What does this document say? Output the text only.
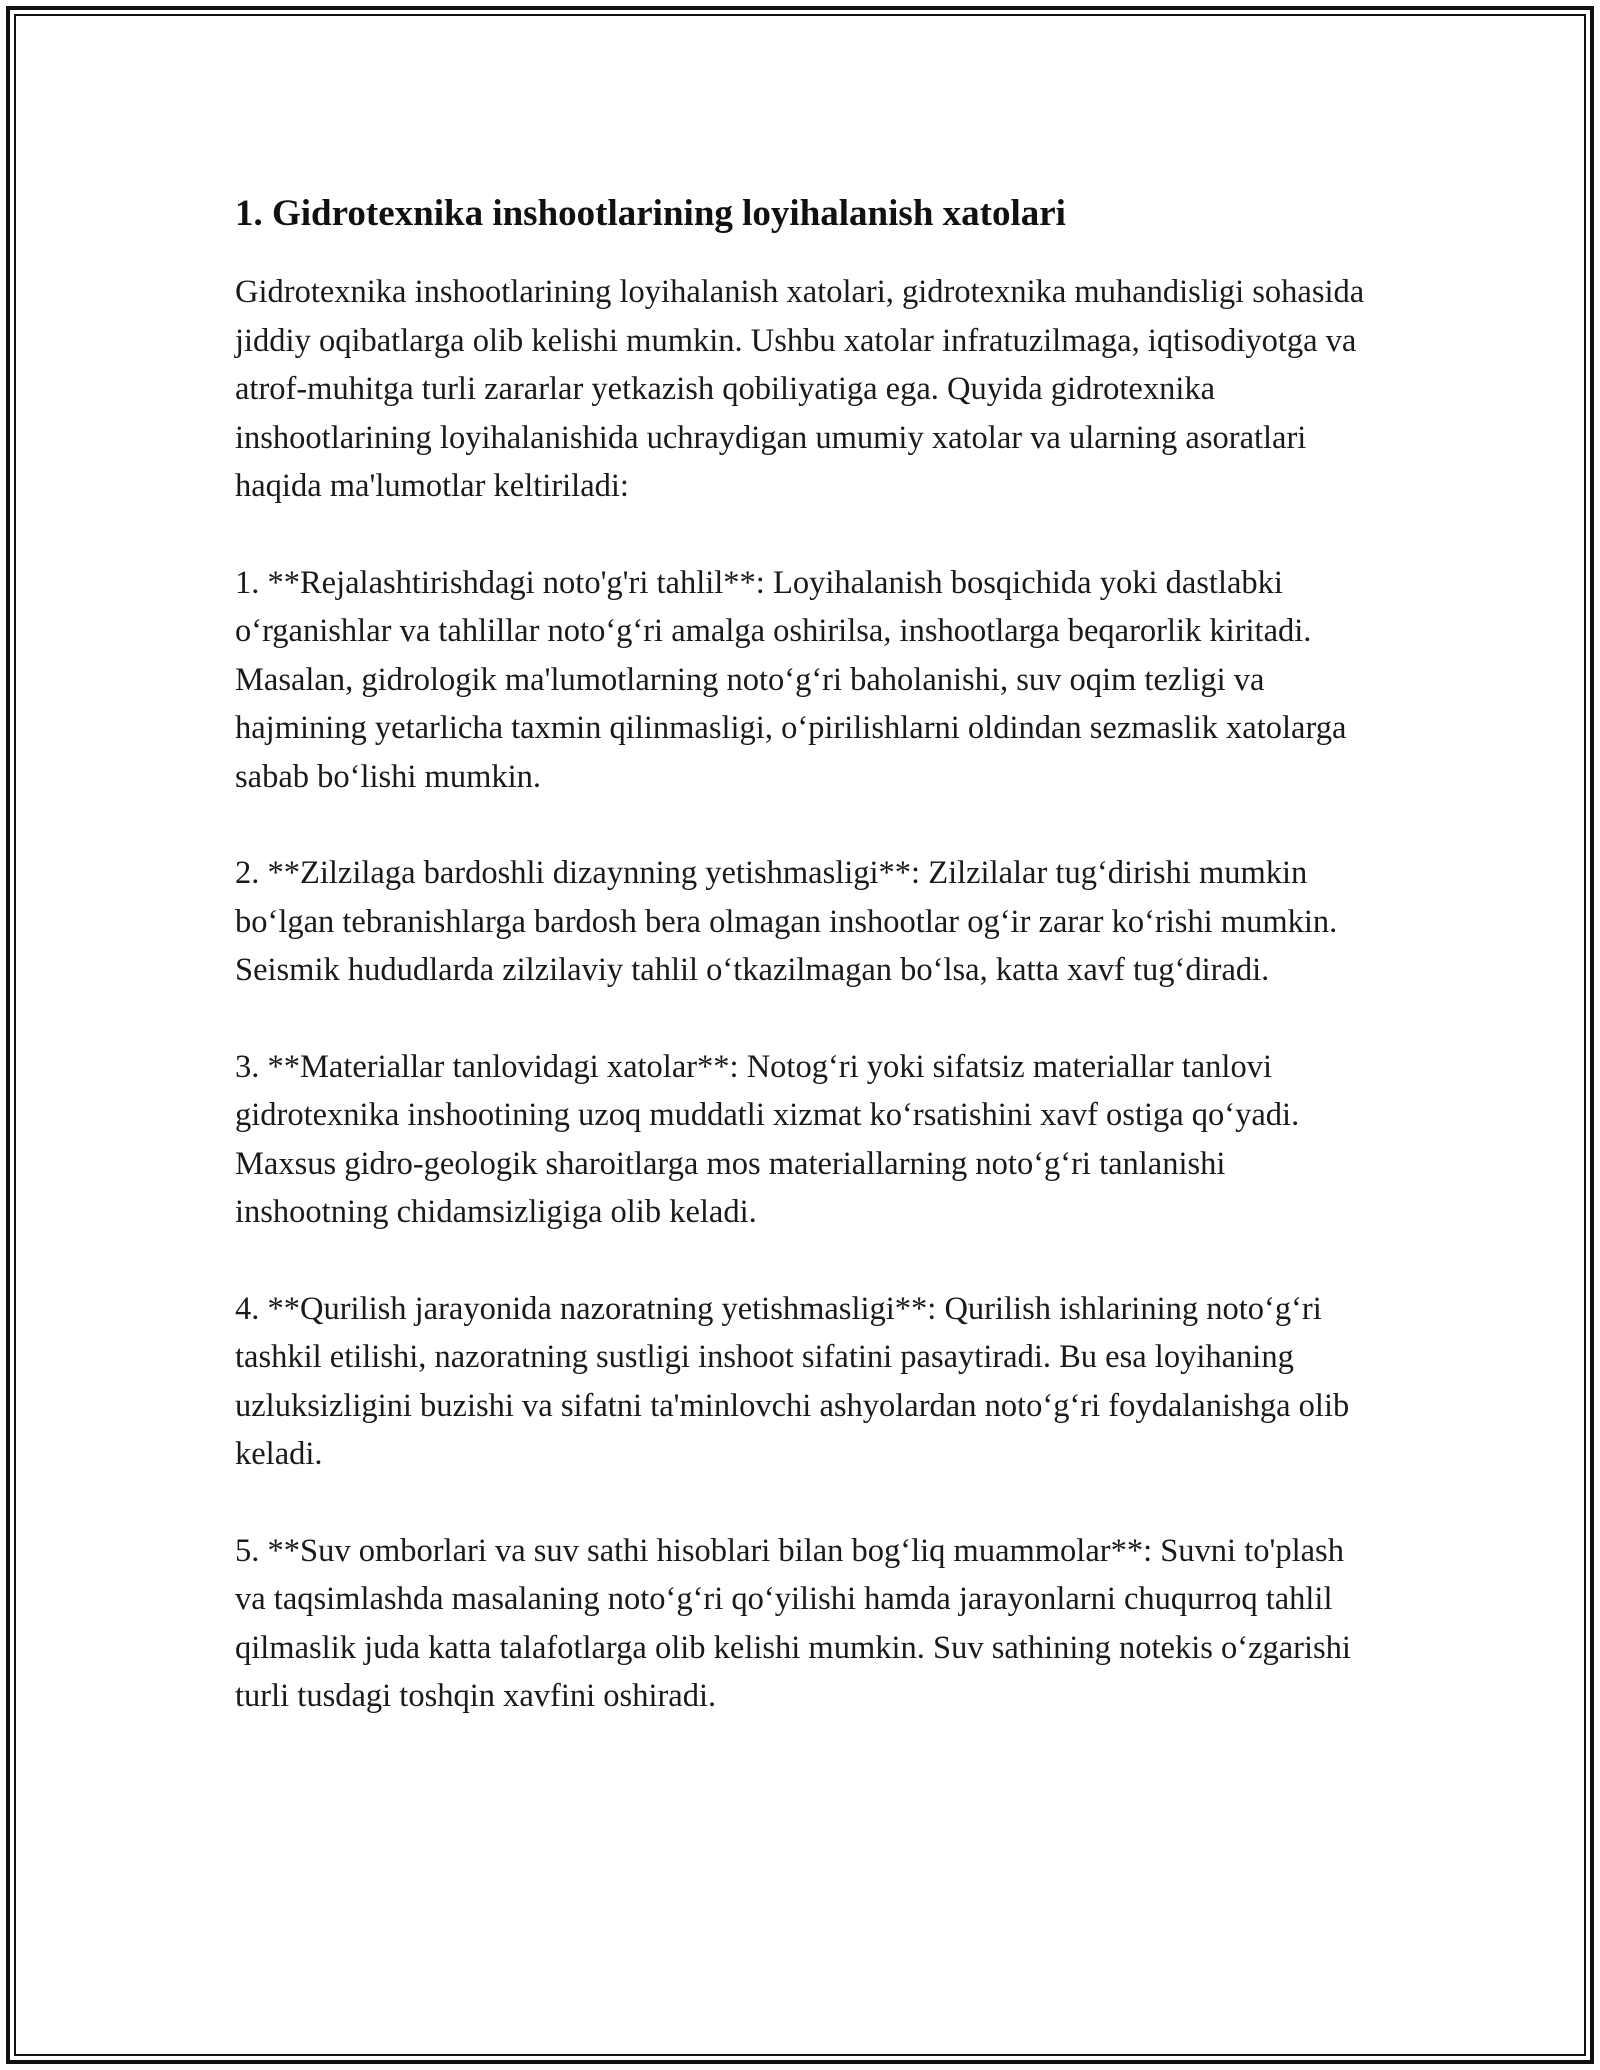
1. Gidrotexnika inshootlarining loyihalanish xatolari

Gidrotexnika inshootlarining loyihalanish xatolari, gidrotexnika muhandisligi sohasida jiddiy oqibatlarga olib kelishi mumkin. Ushbu xatolar infratuzilmaga, iqtisodiyotga va atrof-muhitga turli zararlar yetkazish qobiliyatiga ega. Quyida gidrotexnika inshootlarining loyihalanishida uchraydigan umumiy xatolar va ularning asoratlari haqida ma'lumotlar keltiriladi:

1. **Rejalashtirishdagi noto'g'ri tahlil**: Loyihalanish bosqichida yoki dastlabki o‘rganishlar va tahlillar noto‘g‘ri amalga oshirilsa, inshootlarga beqarorlik kiritadi. Masalan, gidrologik ma'lumotlarning noto‘g‘ri baholanishi, suv oqim tezligi va hajmining yetarlicha taxmin qilinmasligi, o‘pirilishlarni oldindan sezmaslik xatolarga sabab bo‘lishi mumkin.

2. **Zilzilaga bardoshli dizaynning yetishmasligi**: Zilzilalar tug‘dirishi mumkin bo‘lgan tebranishlarga bardosh bera olmagan inshootlar og‘ir zarar ko‘rishi mumkin. Seismik hududlarda zilzilaviy tahlil o‘tkazilmagan bo‘lsa, katta xavf tug‘diradi.

3. **Materiallar tanlovidagi xatolar**: Notog‘ri yoki sifatsiz materiallar tanlovi gidrotexnika inshootining uzoq muddatli xizmat ko‘rsatishini xavf ostiga qo‘yadi. Maxsus gidro-geologik sharoitlarga mos materiallarning noto‘g‘ri tanlanishi inshootning chidamsizligiga olib keladi.

4. **Qurilish jarayonida nazoratning yetishmasligi**: Qurilish ishlarining noto‘g‘ri tashkil etilishi, nazoratning sustligi inshoot sifatini pasaytiradi. Bu esa loyihaning uzluksizligini buzishi va sifatni ta'minlovchi ashyolardan noto‘g‘ri foydalanishga olib keladi.

5. **Suv omborlari va suv sathi hisoblari bilan bog‘liq muammolar**: Suvni to'plash va taqsimlashda masalaning noto‘g‘ri qo‘yilishi hamda jarayonlarni chuqurroq tahlil qilmaslik juda katta talafotlarga olib kelishi mumkin. Suv sathining notekis o‘zgarishi turli tusdagi toshqin xavfini oshiradi.
